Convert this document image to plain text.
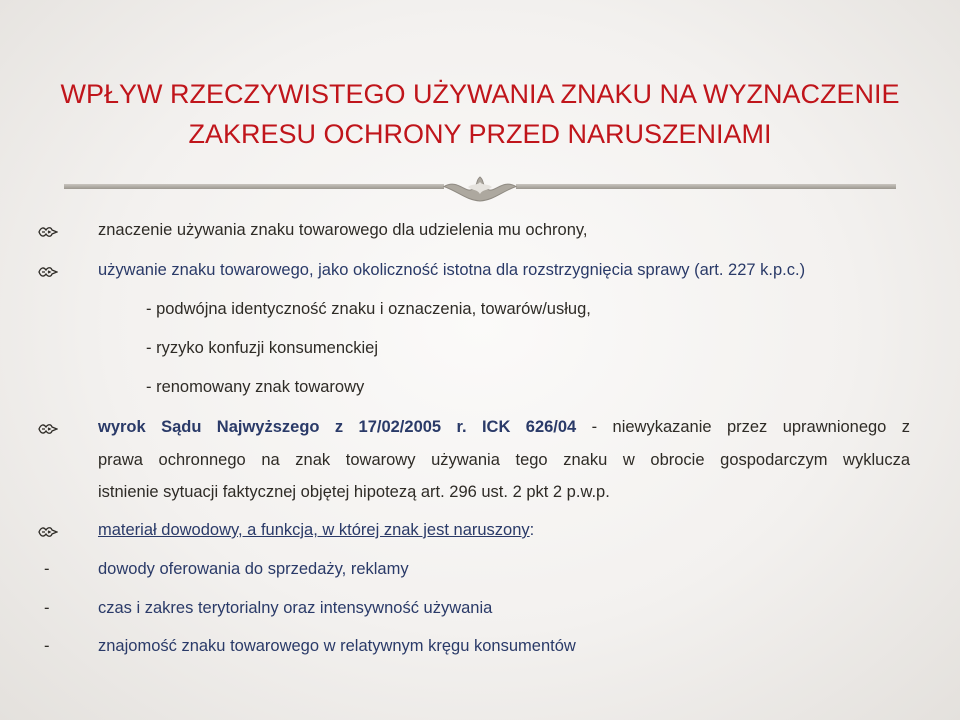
WPŁYW RZECZYWISTEGO UŻYWANIA ZNAKU NA WYZNACZENIE
ZAKRESU OCHRONY PRZED NARUSZENIAMI
znaczenie używania znaku towarowego dla udzielenia mu ochrony,
używanie znaku towarowego, jako okoliczność istotna dla rozstrzygnięcia sprawy (art. 227 k.p.c.)
- podwójna identyczność znaku i oznaczenia, towarów/usług,
- ryzyko konfuzji konsumenckiej
- renomowany znak towarowy
wyrok Sądu Najwyższego z 17/02/2005 r. ICK 626/04 - niewykazanie przez uprawnionego z
prawa ochronnego na znak towarowy używania tego znaku w obrocie gospodarczym wyklucza
istnienie sytuacji faktycznej objętej hipotezą art. 296 ust. 2 pkt 2 p.w.p.
materiał dowodowy, a funkcja, w której znak jest naruszony:
-	dowody oferowania do sprzedaży, reklamy
-	czas i zakres terytorialny oraz intensywność używania
-	znajomość znaku towarowego w relatywnym kręgu konsumentów
